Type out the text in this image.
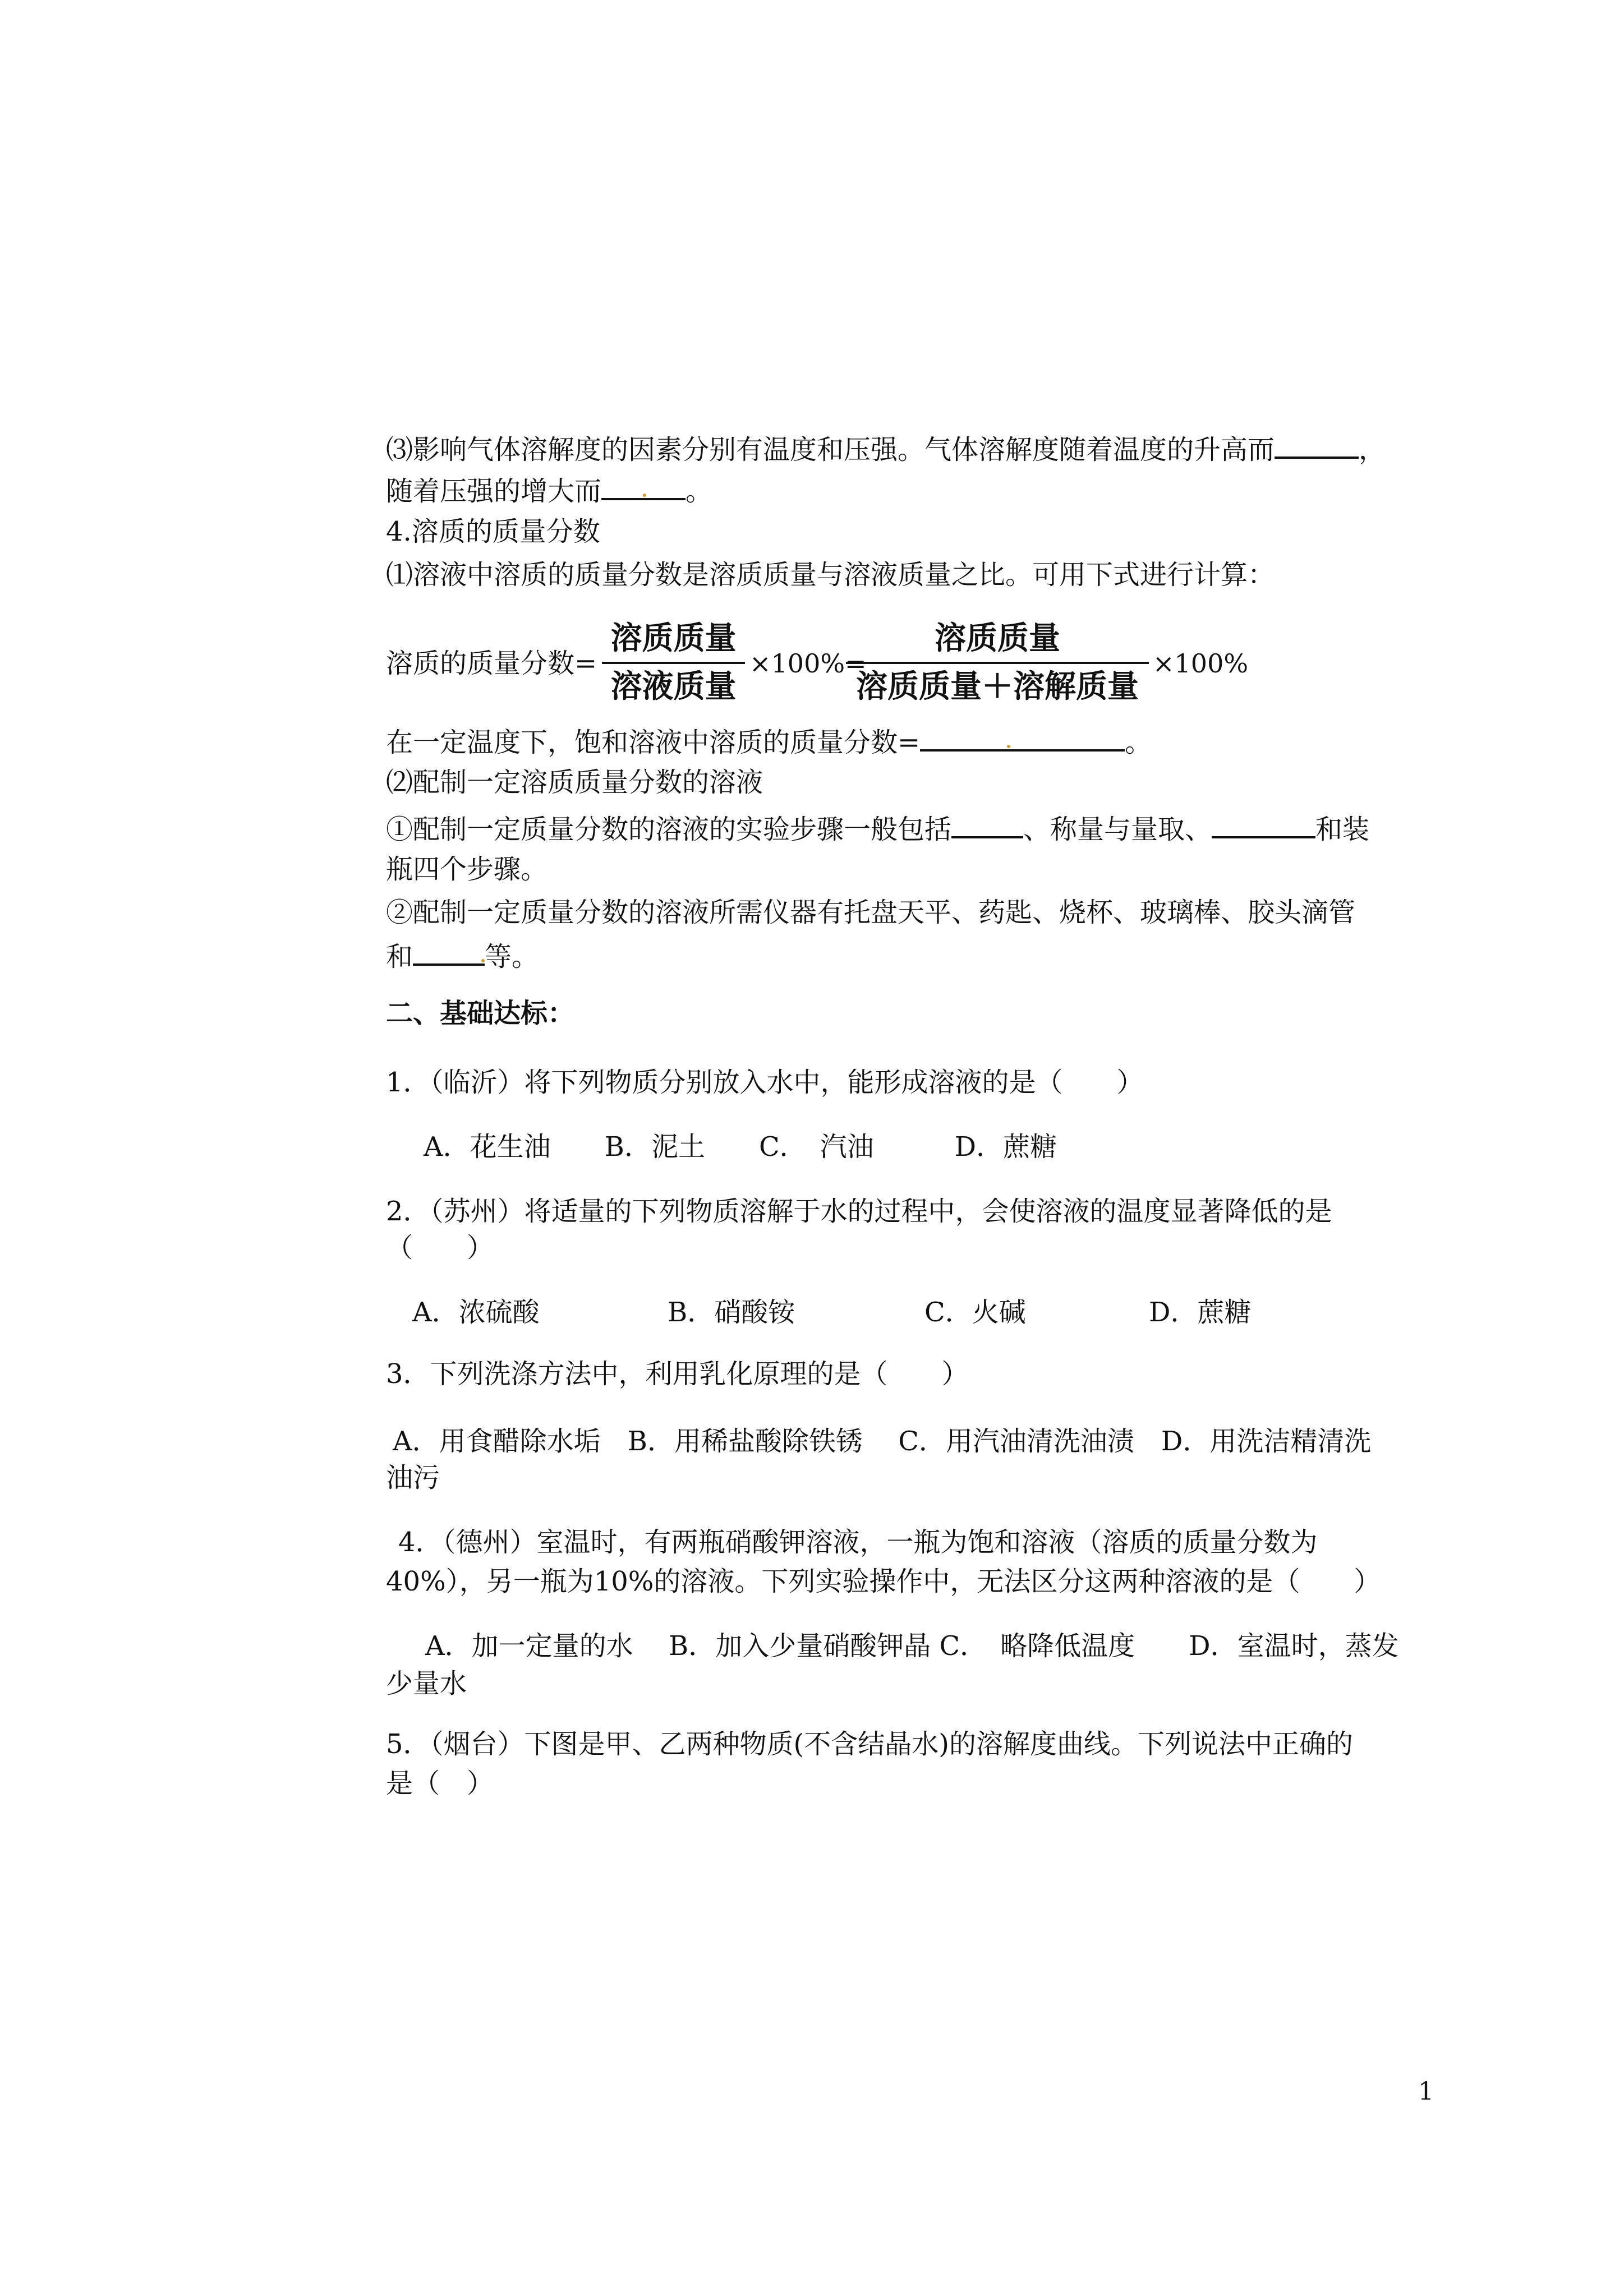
⑶影响气体溶解度的因素分别有温度和压强。气体溶解度随着温度的升高而	，
随着压强的增大而	。
4.溶质的质量分数
⑴溶液中溶质的质量分数是溶质质量与溶液质量之比。可用下式进行计算：
溶质的质量分数=
溶质质量
溶液质量
×100%=
溶质质量
溶质质量＋溶解质量
×100%
在一定温度下，饱和溶液中溶质的质量分数=	。
⑵配制一定溶质质量分数的溶液
①配制一定质量分数的溶液的实验步骤一般包括	、称量与量取、	和装
瓶四个步骤。
②配制一定质量分数的溶液所需仪器有托盘天平、药匙、烧杯、玻璃棒、胶头滴管
和	等。
二、基础达标：
1．（临沂）将下列物质分别放入水中，能形成溶液的是（　　）
A．花生油　　B．泥土　　C．　汽油　　　D．蔗糖
2．（苏州）将适量的下列物质溶解于水的过程中，会使溶液的温度显著降低的是
（　　）
A．浓硫酸	B．硝酸铵	C．火碱	D．蔗糖
3．下列洗涤方法中，利用乳化原理的是（　　）
A．用食醋除水垢　B．用稀盐酸除铁锈　 C．用汽油清洗油渍　D．用洗洁精清洗
油污
4．（德州）室温时，有两瓶硝酸钾溶液，一瓶为饱和溶液（溶质的质量分数为
40%），另一瓶为10%的溶液。下列实验操作中，无法区分这两种溶液的是（　　）
A．加一定量的水　 B．加入少量硝酸钾晶 C．　略降低温度　　D．室温时，蒸发
少量水
5．（烟台）下图是甲、乙两种物质(不含结晶水)的溶解度曲线。下列说法中正确的
是（　）
1
